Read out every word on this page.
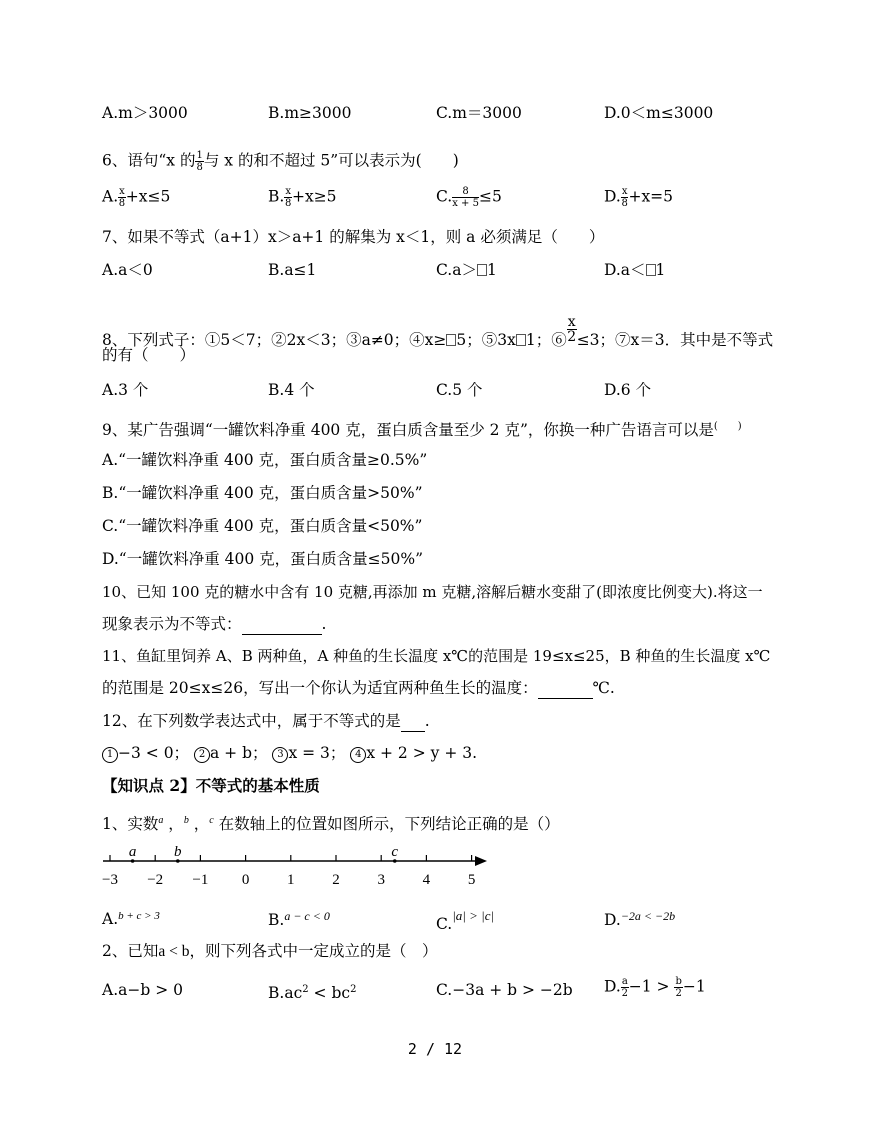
A.m＞3000	B.m≥3000	C.m＝3000	D.0＜m≤3000
6、语句“x 的 $\frac{1}{8}$ 与 x 的和不超过 5”可以表示为(　　)
A. $\frac{x}{8} +x\le 5$	B. $\frac{x}{8} +x\ge 5$	C. $\frac{8}{x + 5} \le 5$	D. $\frac{x}{8} +x=5$
7、如果不等式（a+1）x＞a+1 的解集为 x＜1，则 a 必须满足（　　）
A.a＜0	B.a≤1	C.a＞ 1	D.a＜ 1
8、下列式子：①5＜7；②2x＜3；③a≠0；④x≥ 5；⑤3x 1；⑥ $\frac{x}{2} \le 3$；⑦x＝3．其中是不等式
的有（　　）
A.3 个	B.4 个	C.5 个	D.6 个
9、某广告强调“一罐饮料净重 400 克，蛋白质含量至少 2 克”，你换一种广告语言可以是(　　)
A.“一罐饮料净重 400 克，蛋白质含量≥0.5%”
B.“一罐饮料净重 400 克，蛋白质含量>50%”
C.“一罐饮料净重 400 克，蛋白质含量<50%”
D.“一罐饮料净重 400 克，蛋白质含量≤50%”
10、已知 100 克的糖水中含有 10 克糖,再添加 m 克糖,溶解后糖水变甜了(即浓度比例变大).将这一
现象表示为不等式：	.
11、鱼缸里饲养 A、B 两种鱼，A 种鱼的生长温度 x℃的范围是 19≤x≤25，B 种鱼的生长温度 x℃
的范围是 20≤x≤26，写出一个你认为适宜两种鱼生长的温度：	℃.
12、在下列数学表达式中，属于不等式的是 .
1 −3 < 0； 2 a + b； 3 x = 3； 4 x + 2 > y + 3.
【知识点 2】不等式的基本性质
1、实数$^a$ ，$^b$ ，$^c$ 在数轴上的位置如图所示，下列结论正确的是（）
−3 −2 −1 0	1	2	3	4	5
a	b	c
A.$^{b + c > 3}$	B.$^{a - c < 0}$	C.$^{|a| > |c|}$	D.$^{-2a < -2b}$
2、已知a < b，则下列各式中一定成立的是（　）
A.a−b > 0	$B.ac^2 < bc^2$	C.−3a + b > −2b D. $\frac{a}{2} -1 > \frac{b}{2} -1$
2 / 12
